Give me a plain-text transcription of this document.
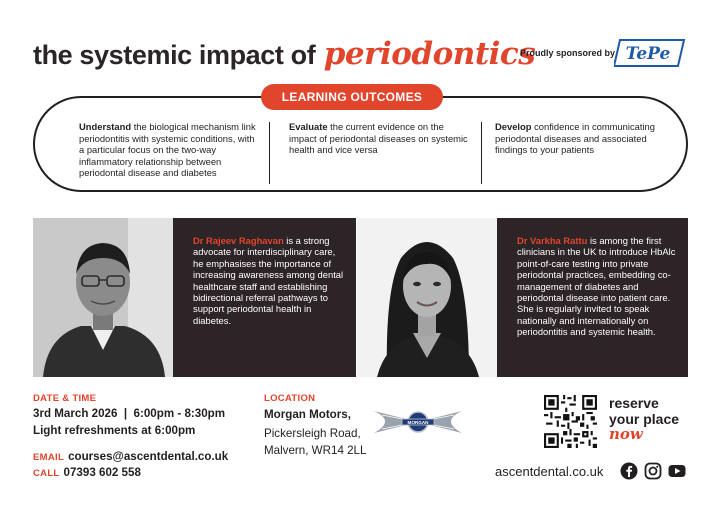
the systemic impact of periodontics
Proudly sponsored by TePe
LEARNING OUTCOMES
Understand the biological mechanism link periodontitis with systemic conditions, with a particular focus on the two-way inflammatory relationship between periodontal disease and diabetes
Evaluate the current evidence on the impact of periodontal diseases on systemic health and vice versa
Develop confidence in communicating periodontal diseases and associated findings to your patients
Dr Rajeev Raghavan is a strong advocate for interdisciplinary care, he emphasises the importance of increasing awareness among dental healthcare staff and establishing bidirectional referral pathways to support periodontal health in diabetes.
Dr Varkha Rattu is among the first clinicians in the UK to introduce HbAlc point-of-care testing into private periodontal practices, embedding co-management of diabetes and periodontal disease into patient care. She is regularly invited to speak nationally and internationally on periodontitis and systemic health.
DATE & TIME
3rd March 2026  |  6:00pm - 8:30pm
Light refreshments at 6:00pm
EMAIL courses@ascentdental.co.uk
CALL 07393 602 558
LOCATION
Morgan Motors,
Pickersleigh Road,
Malvern, WR14 2LL
MORGAN
reserve
your place
now
ascentdental.co.uk
